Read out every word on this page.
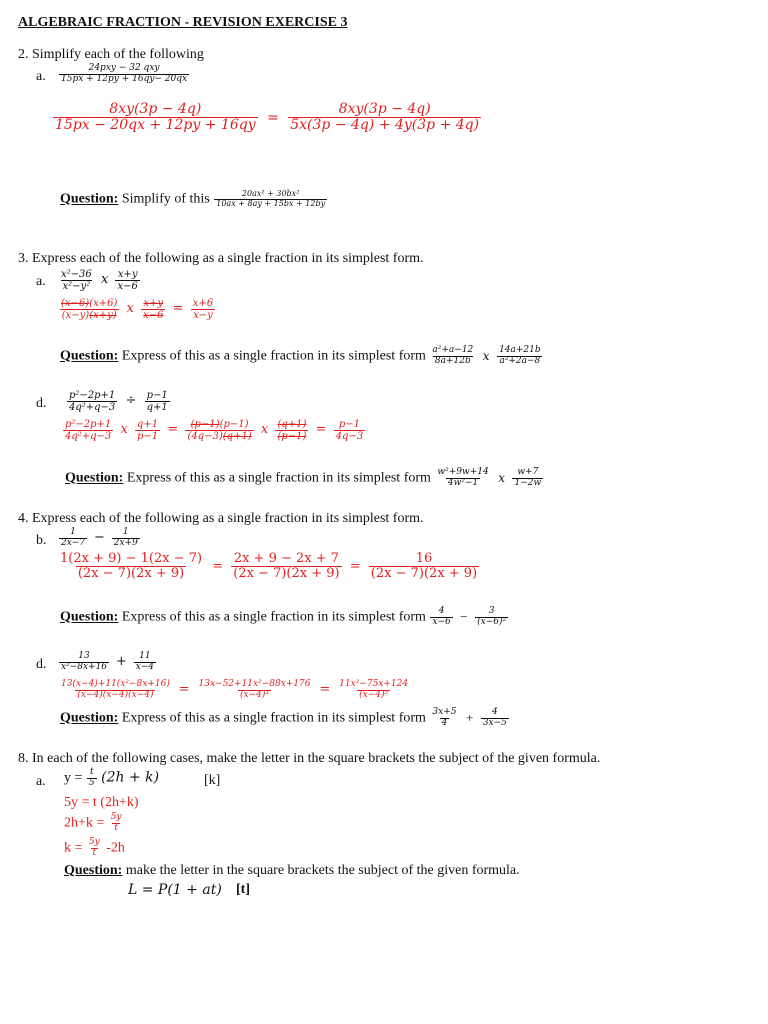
ALGEBRAIC FRACTION - REVISION EXERCISE 3
2. Simplify each of the following
a. $\frac{\text{24pxy − 32 qxy}}{15px + 12py + 16qy- 20qx}$
$\frac{8xy(3p - 4q)}{15px - 20qx + 12py + 16qy} = \frac{8xy(3p - 4q)}{5x(3p - 4q) + 4y(3p + 4q)}$
Question: Simplify of this $\frac{\text{20ax² + 30bx²}}{10ax + 8ay + 15bx + 12by}$
3. Express each of the following as a single fraction in its simplest form.
a. $\frac{\text{x²−36}}{\text{x²−y²}}$ x $\frac{x+y}{x-6}$
$\frac{(x-6)(x+6)}{(x-y)(x+y)}$ x $\frac{x+y}{x-6} = \frac{x+6}{x-y}$
Question: Express of this as a single fraction in its simplest form $\frac{\text{a²+a−12}}{8a+12b}$ x $\frac{14a+21b}{\text{a²+2a−8}}$
d. $\frac{\text{p²−2p+1}}{\text{4q²+q−3}} \div \frac{p-1}{q+1}$
$\frac{\text{p²−2p+1}}{\text{4q²+q−3}}$ x $\frac{q+1}{p-1} = \frac{(p-1)(p-1)}{(4q-3)(q+1)}$ x $\frac{(q+1)}{(p-1)} = \frac{p-1}{4q-3}$
Question: Express of this as a single fraction in its simplest form $\frac{\text{w²+9w+14}}{\text{4w²−1}}$ x $\frac{w+7}{1-2w}$
4. Express each of the following as a single fraction in its simplest form.
b. $\frac{1}{2x-7} - \frac{1}{2x+9}$
$\frac{1(2x + 9) - 1(2x - 7)}{(2x - 7)(2x + 9)} = \frac{2x + 9 - 2x + 7}{(2x - 7)(2x + 9)} = \frac{16}{(2x - 7)(2x + 9)}$
Question: Express of this as a single fraction in its simplest form $\frac{4}{x-6} - \frac{3}{\text{(x−6)²}}$
d. $\frac{13}{\text{x²−8x+16}} + \frac{11}{x-4}$
$\frac{\text{13(x−4)+11(x²−8x+16)}}{(x-4)(x-4)(x-4)} = \frac{\text{13x−52+11x²−88x+176}}{\text{(x−4)³}} = \frac{\text{11x²−75x+124}}{\text{(x−4)³}}$
Question: Express of this as a single fraction in its simplest form $\frac{3x+5}{4} + \frac{4}{3x-5}$
8. In each of the following cases, make the letter in the square brackets the subject of the given formula.
a. $y = \frac{t}{5} (2h + k)$	[k]
5y = t (2h+k)
$2h+k = \frac{5y}{t}$
$k = \frac{5y}{t} -2h$
Question: make the letter in the square brackets the subject of the given formula.
L = P(1 + at) [t]
